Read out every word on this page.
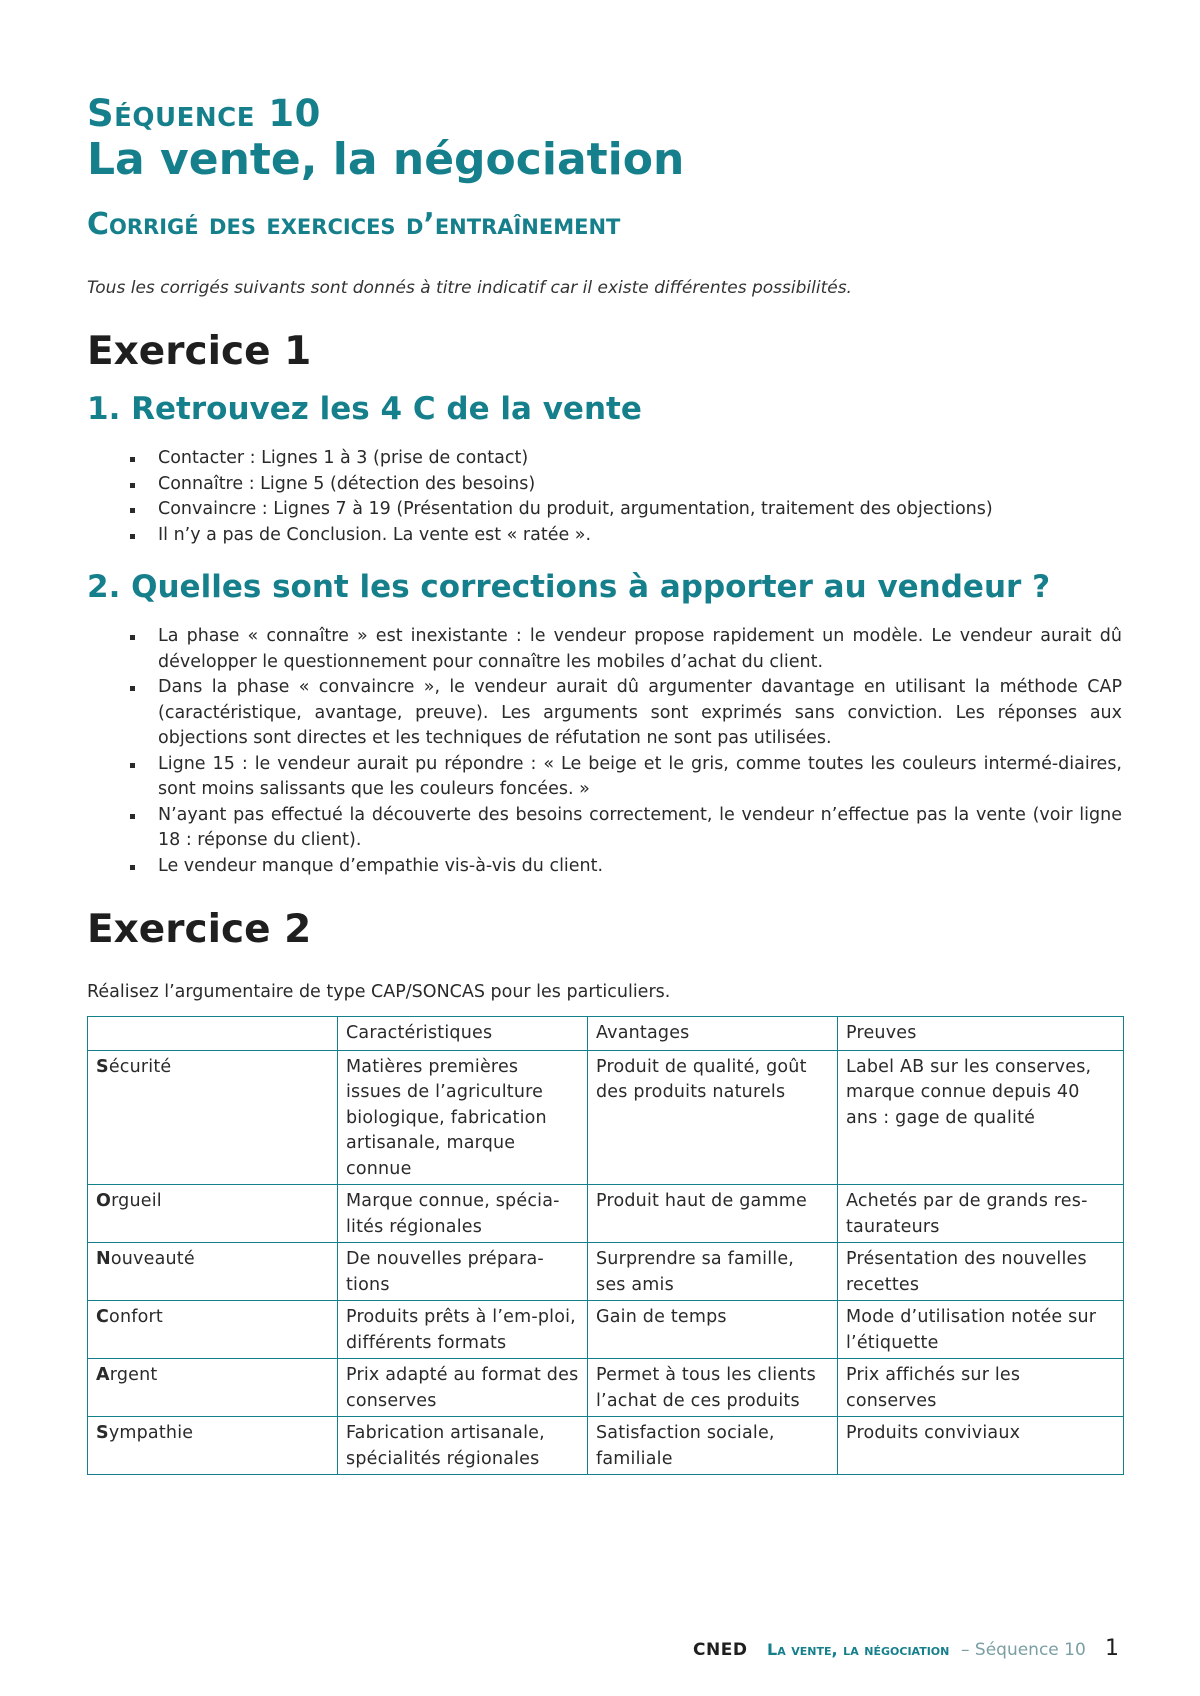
Séquence 10
La vente, la négociation
Corrigé des exercices d’entraînement
Tous les corrigés suivants sont donnés à titre indicatif car il existe différentes possibilités.
Exercice 1
1. Retrouvez les 4 C de la vente
Contacter : Lignes 1 à 3 (prise de contact)
Connaître : Ligne 5 (détection des besoins)
Convaincre : Lignes 7 à 19 (Présentation du produit, argumentation, traitement des objections)
Il n’y a pas de Conclusion. La vente est « ratée ».
2. Quelles sont les corrections à apporter au vendeur ?
La phase « connaître » est inexistante : le vendeur propose rapidement un modèle. Le vendeur aurait dû développer le questionnement pour connaître les mobiles d’achat du client.
Dans la phase « convaincre », le vendeur aurait dû argumenter davantage en utilisant la méthode CAP (caractéristique, avantage, preuve). Les arguments sont exprimés sans conviction. Les réponses aux objections sont directes et les techniques de réfutation ne sont pas utilisées.
Ligne 15 : le vendeur aurait pu répondre : « Le beige et le gris, comme toutes les couleurs intermé-diaires, sont moins salissants que les couleurs foncées. »
N’ayant pas effectué la découverte des besoins correctement, le vendeur n’effectue pas la vente (voir ligne 18 : réponse du client).
Le vendeur manque d’empathie vis-à-vis du client.
Exercice 2
Réalisez l’argumentaire de type CAP/SONCAS pour les particuliers.
	Caractéristiques	Avantages	Preuves
Sécurité	Matières premières issues de l’agriculture biologique, fabrication artisanale, marque connue	Produit de qualité, goût des produits naturels	Label AB sur les conserves, marque connue depuis 40 ans : gage de qualité
Orgueil	Marque connue, spécia-lités régionales	Produit haut de gamme	Achetés par de grands res-taurateurs
Nouveauté	De nouvelles prépara-tions	Surprendre sa famille, ses amis	Présentation des nouvelles recettes
Confort	Produits prêts à l’em-ploi, différents formats	Gain de temps	Mode d’utilisation notée sur l’étiquette
Argent	Prix adapté au format des conserves	Permet à tous les clients l’achat de ces produits	Prix affichés sur les conserves
Sympathie	Fabrication artisanale, spécialités régionales	Satisfaction sociale, familiale	Produits conviviaux
CNED La vente, la négociation – Séquence 10 1
